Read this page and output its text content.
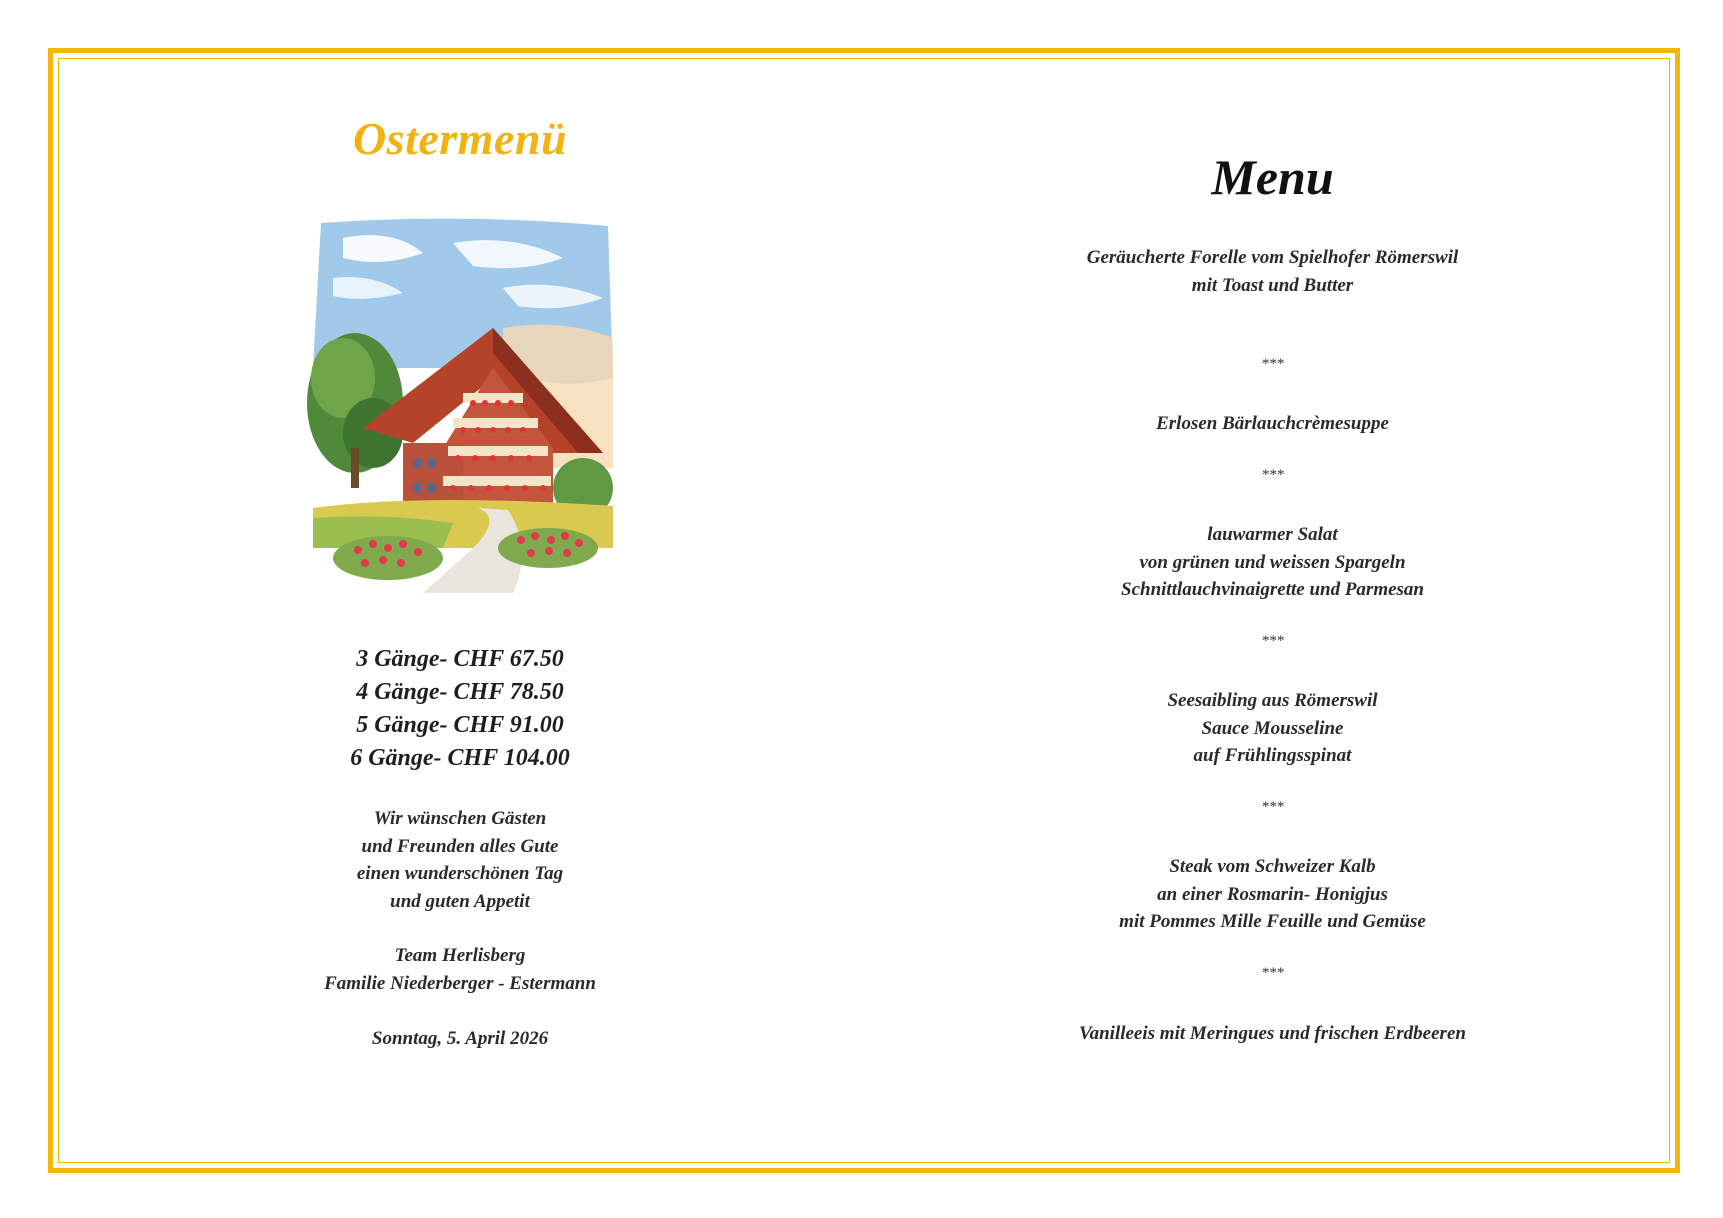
Ostermenü
3 Gänge- CHF 67.50
4 Gänge- CHF 78.50
5 Gänge- CHF 91.00
6 Gänge- CHF 104.00
Wir wünschen Gästen
und Freunden alles Gute
einen wunderschönen Tag
und guten Appetit
Team Herlisberg
Familie Niederberger - Estermann
Sonntag, 5. April 2026
Menu
Geräucherte Forelle vom Spielhofer Römerswil
mit Toast und Butter
***
Erlosen Bärlauchcrèmesuppe
***
lauwarmer Salat
von grünen und weissen Spargeln
Schnittlauchvinaigrette und Parmesan
***
Seesaibling aus Römerswil
Sauce Mousseline
auf Frühlingsspinat
***
Steak vom Schweizer Kalb
an einer Rosmarin- Honigjus
mit Pommes Mille Feuille und Gemüse
***
Vanilleeis mit Meringues und frischen Erdbeeren
